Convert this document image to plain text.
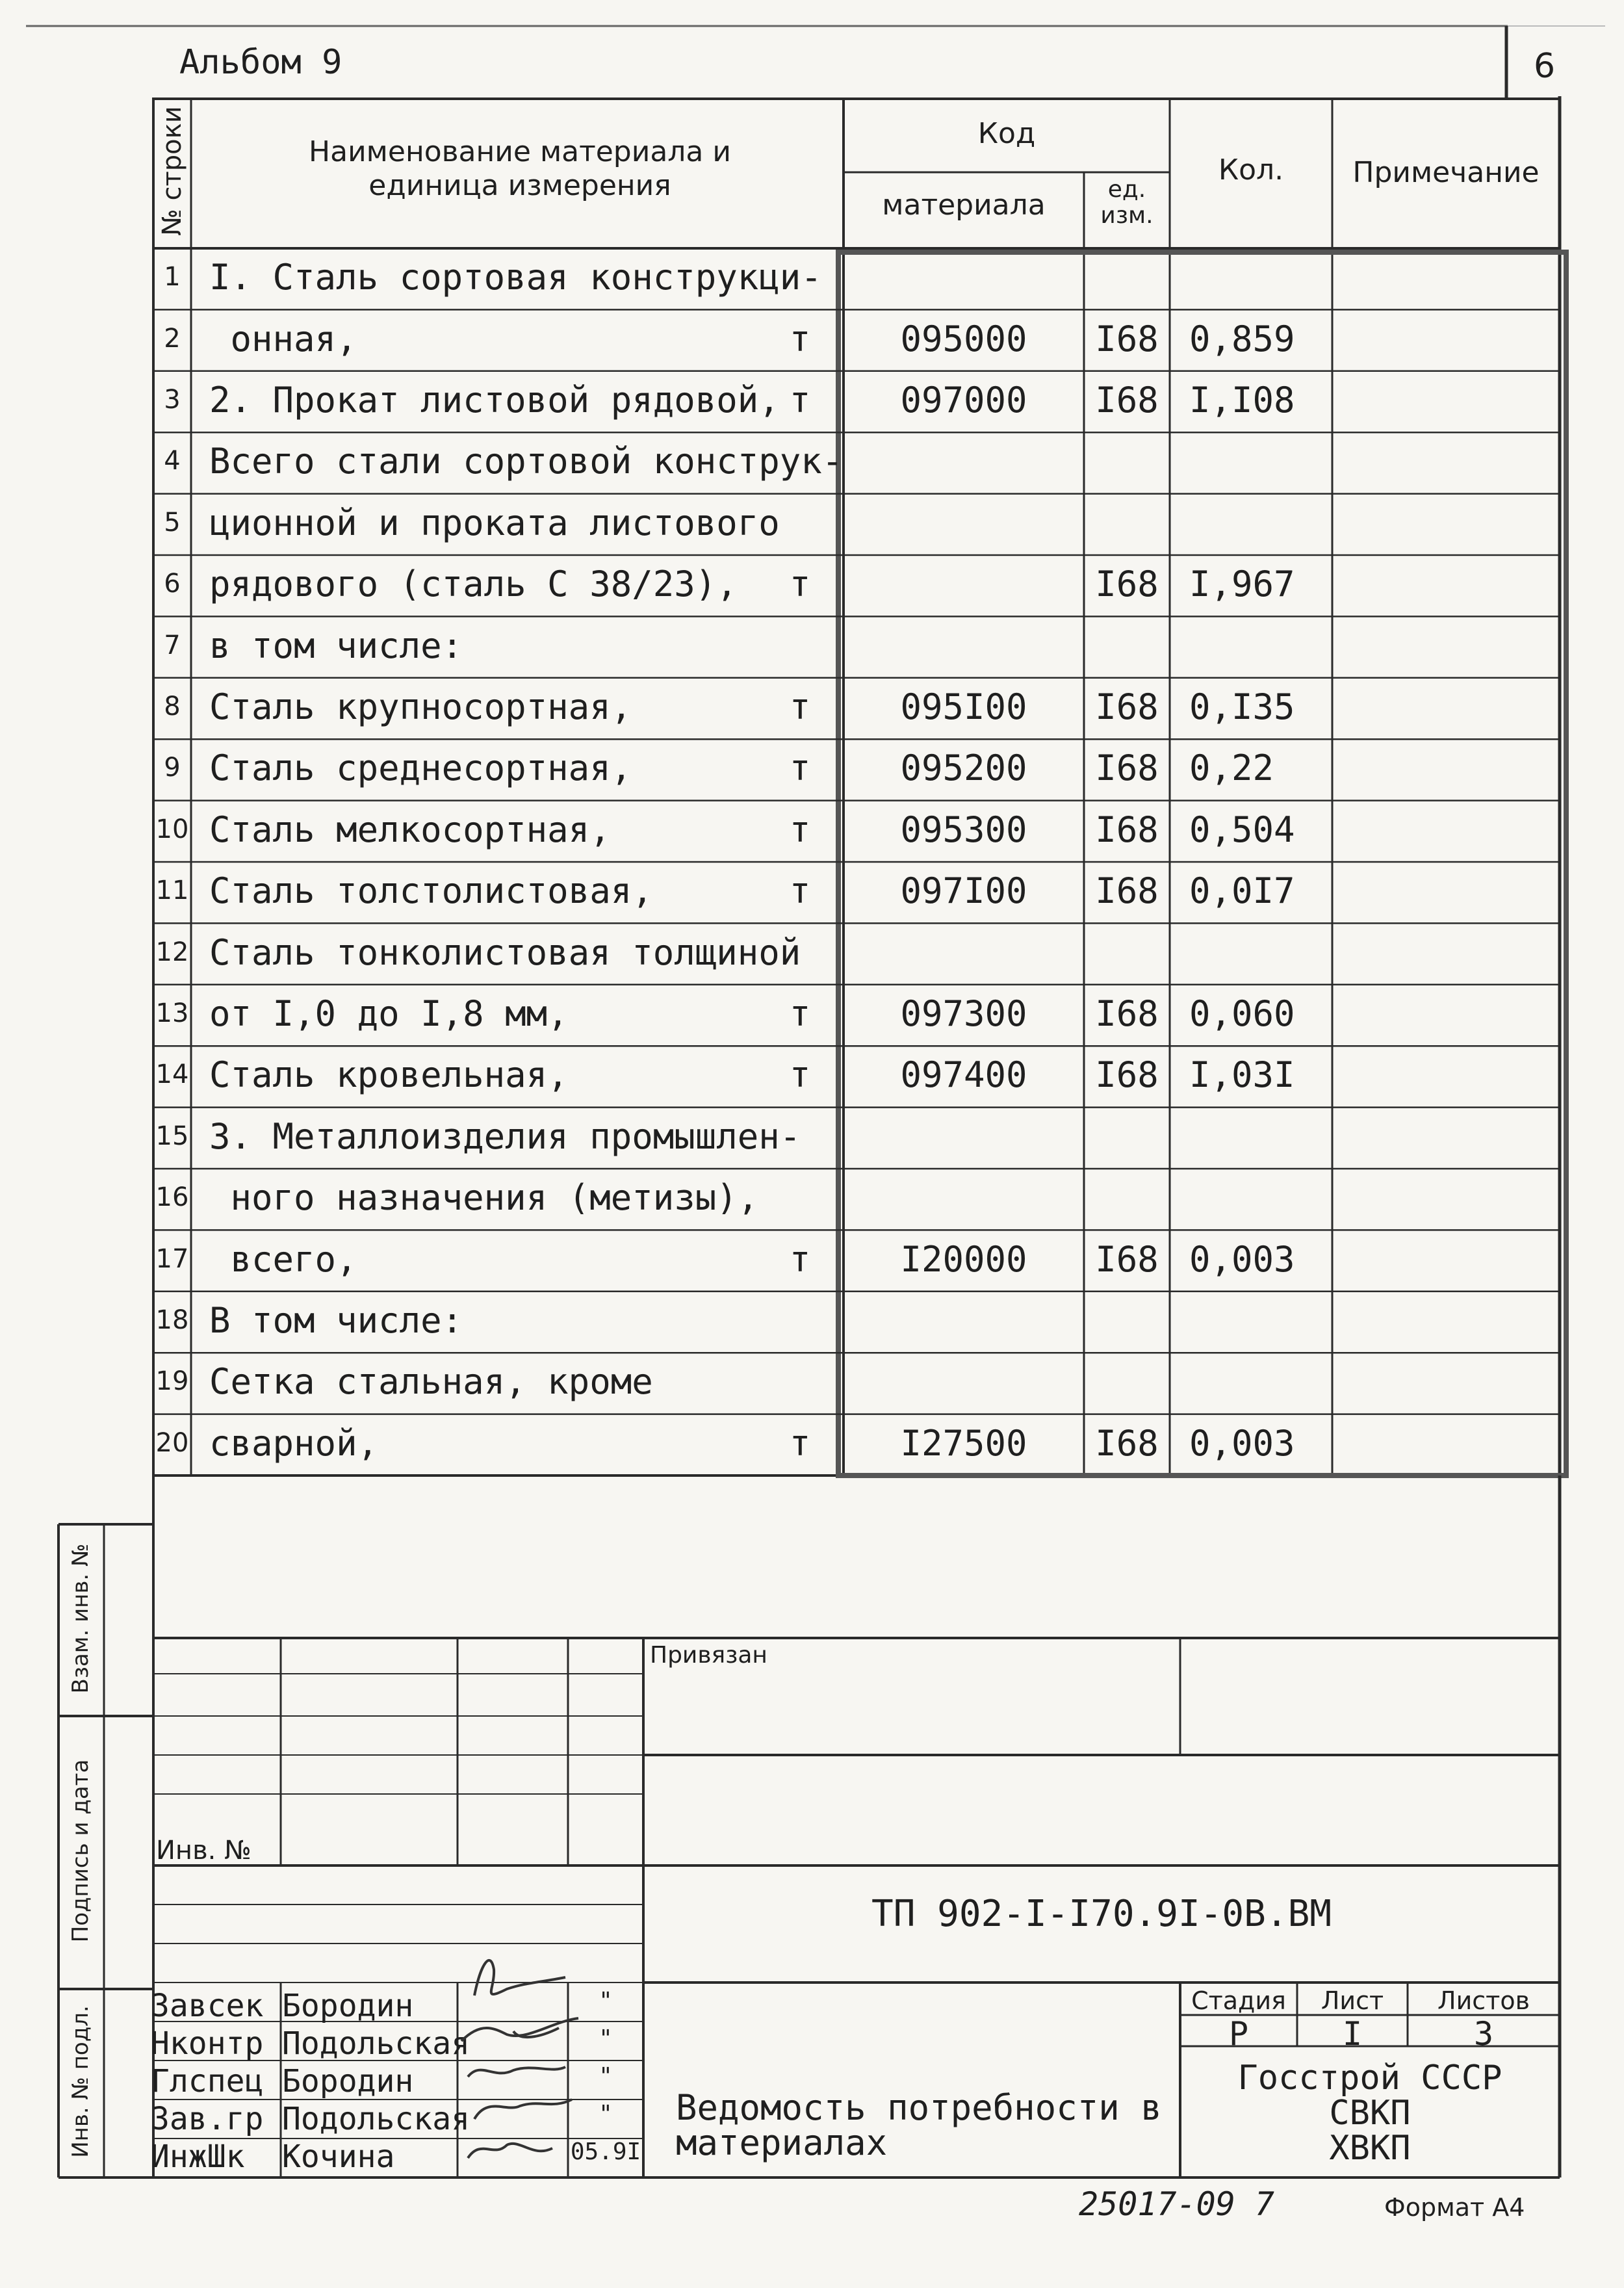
Альбом 9	6
№ строки	Наименование материала и единица измерения
Код
материала	ед. изм.
Кол.	Примечание
1 I. Сталь сортовая конструкци-
2 онная,	т	095000	I68 0,859
3 2. Прокат листовой рядовой, т	097000	I68 I,I08
4 Всего стали сортовой конструк-
5 ционной и проката листового
6 рядового (сталь С 38/23), т	I68 I,967
7 в том числе:
8 Сталь крупносортная,	т	095I00	I68 0,I35
9 Сталь среднесортная,	т	095200	I68 0,22
10 Сталь мелкосортная,	т	095300	I68 0,504
11 Сталь толстолистовая,	т	097I00	I68 0,0I7
12 Сталь тонколистовая толщиной
13 от I,0 до I,8 мм,	т	097300	I68 0,060
14 Сталь кровельная,	т	097400	I68 I,03I
15 3. Металлоизделия промышлен-
16 ного назначения (метизы),
17 всего,	т	I20000	I68 0,003
18 В том числе:
19 Сетка стальная, кроме
20 сварной,	т	I27500	I68 0,003
Взам. инв. №
Подпись и дата
Инв. № подл.
Привязан
Инв. №
ТП 902-I-I70.9I-0В.ВМ
Завсек Бородин	"
Нконтр Подольская	"
Глспец Бородин	"
Зав.гр Подольская	"
ИнжШк	Кочина	05.9I
Ведомость потребности в материалах
Стадия	Лист	Листов
Р	I	3
Госстрой СССР
СВКП
ХВКП
25017-09 7	Формат А4
